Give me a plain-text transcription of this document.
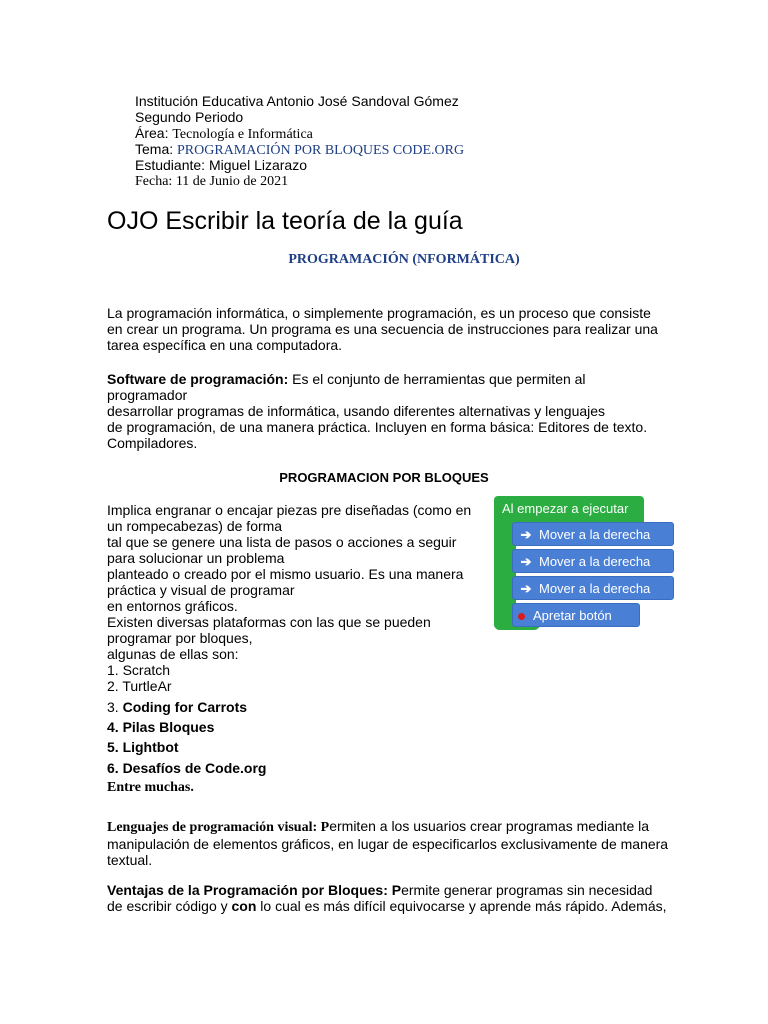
Institución Educativa Antonio José Sandoval Gómez
Segundo Periodo
Área: Tecnología e Informática
Tema: PROGRAMACIÓN POR BLOQUES CODE.ORG
Estudiante: Miguel Lizarazo
Fecha: 11 de Junio de 2021
OJO Escribir la teoría de la guía
PROGRAMACIÓN (NFORMÁTICA)
La programación informática, o simplemente programación, es un proceso que consiste
en crear un programa. Un programa es una secuencia de instrucciones para realizar una
tarea específica en una computadora.
Software de programación: Es el conjunto de herramientas que permiten al
programador
desarrollar programas de informática, usando diferentes alternativas y lenguajes
de programación, de una manera práctica. Incluyen en forma básica: Editores de texto.
Compiladores.
PROGRAMACION POR BLOQUES
Implica engranar o encajar piezas pre diseñadas (como en
un rompecabezas) de forma
tal que se genere una lista de pasos o acciones a seguir
para solucionar un problema
planteado o creado por el mismo usuario. Es una manera
práctica y visual de programar
en entornos gráficos.
Existen diversas plataformas con las que se pueden
programar por bloques,
algunas de ellas son:
1. Scratch
2. TurtleAr
3. Coding for Carrots
4. Pilas Bloques
5. Lightbot
6. Desafíos de Code.org
Entre muchas.
Lenguajes de programación visual: Permiten a los usuarios crear programas mediante la
manipulación de elementos gráficos, en lugar de especificarlos exclusivamente de manera
textual.
Ventajas de la Programación por Bloques: Permite generar programas sin necesidad
de escribir código y con lo cual es más difícil equivocarse y aprende más rápido. Además,
Al empezar a ejecutar
➔ Mover a la derecha
➔ Mover a la derecha
➔ Mover a la derecha
Apretar botón
